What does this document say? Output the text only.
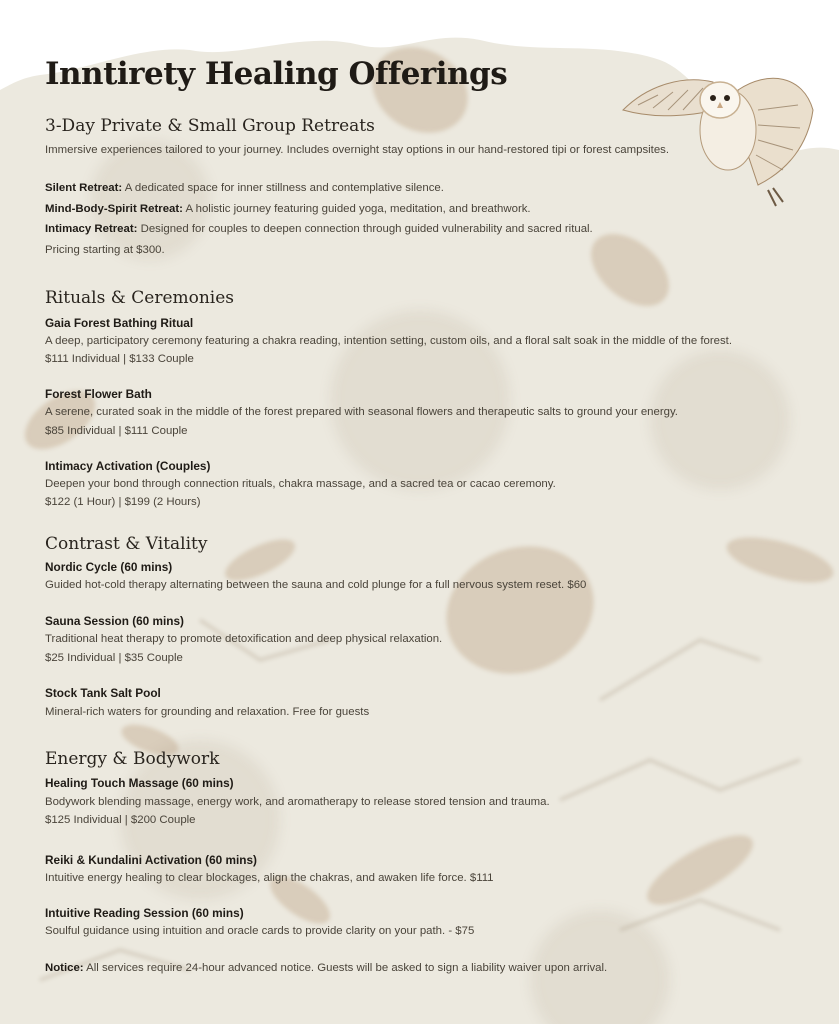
Inntirety Healing Offerings
3-Day Private & Small Group Retreats

Immersive experiences tailored to your journey. Includes overnight stay options in our hand-restored tipi or forest campsites.

Silent Retreat: A dedicated space for inner stillness and contemplative silence.

Mind-Body-Spirit Retreat: A holistic journey featuring guided yoga, meditation, and breathwork.

Intimacy Retreat: Designed for couples to deepen connection through guided vulnerability and sacred ritual.

Pricing starting at $300.

Rituals & Ceremonies

Gaia Forest Bathing Ritual

A deep, participatory ceremony featuring a chakra reading, intention setting, custom oils, and a floral salt soak in the middle of the forest.

$111 Individual | $133 Couple

Forest Flower Bath

A serene, curated soak in the middle of the forest prepared with seasonal flowers and therapeutic salts to ground your energy.

$85 Individual | $111 Couple

Intimacy Activation (Couples)

Deepen your bond through connection rituals, chakra massage, and a sacred tea or cacao ceremony.

$122 (1 Hour) | $199 (2 Hours)

Contrast & Vitality

Nordic Cycle (60 mins)

Guided hot-cold therapy alternating between the sauna and cold plunge for a full nervous system reset. $60

Sauna Session (60 mins)

Traditional heat therapy to promote detoxification and deep physical relaxation.

$25 Individual | $35 Couple

Stock Tank Salt Pool

Mineral-rich waters for grounding and relaxation. Free for guests

Energy & Bodywork

Healing Touch Massage (60 mins)

Bodywork blending massage, energy work, and aromatherapy to release stored tension and trauma.

$125 Individual | $200 Couple

Reiki & Kundalini Activation (60 mins)

Intuitive energy healing to clear blockages, align the chakras, and awaken life force. $111

Intuitive Reading Session (60 mins)

Soulful guidance using intuition and oracle cards to provide clarity on your path. - $75

Notice: All services require 24-hour advanced notice. Guests will be asked to sign a liability waiver upon arrival.
